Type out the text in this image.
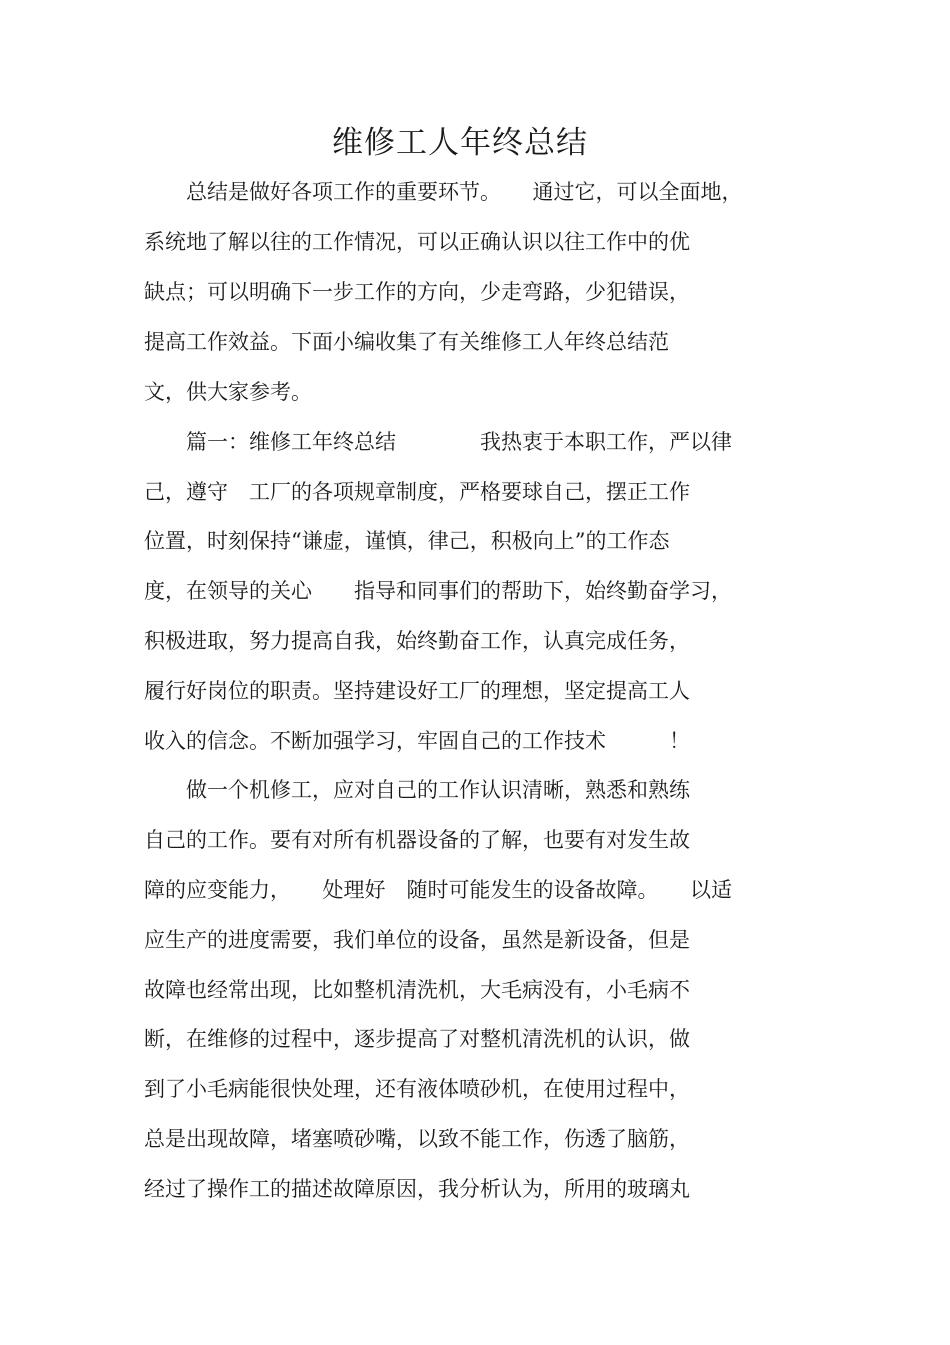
维修工人年终总结
　　总结是做好各项工作的重要环节。　　通过它，可以全面地，
系统地了解以往的工作情况，可以正确认识以往工作中的优
缺点；可以明确下一步工作的方向，少走弯路，少犯错误，
提高工作效益。下面小编收集了有关维修工人年终总结范
文，供大家参考。
　　篇一：维修工年终总结　　　　我热衷于本职工作，严以律
己，遵守　工厂的各项规章制度，严格要球自己，摆正工作
位置，时刻保持“谦虚，谨慎，律己，积极向上”的工作态
度，在领导的关心　　指导和同事们的帮助下，始终勤奋学习，
积极进取，努力提高自我，始终勤奋工作，认真完成任务，
履行好岗位的职责。坚持建设好工厂的理想，坚定提高工人
收入的信念。不断加强学习，牢固自己的工作技术　　　！
　　做一个机修工，应对自己的工作认识清晰，熟悉和熟练
自己的工作。要有对所有机器设备的了解，也要有对发生故
障的应变能力，　　处理好　随时可能发生的设备故障。　　以适
应生产的进度需要，我们单位的设备，虽然是新设备，但是
故障也经常出现，比如整机清洗机，大毛病没有，小毛病不
断，在维修的过程中，逐步提高了对整机清洗机的认识，做
到了小毛病能很快处理，还有液体喷砂机，在使用过程中，
总是出现故障，堵塞喷砂嘴，以致不能工作，伤透了脑筋，
经过了操作工的描述故障原因，我分析认为，所用的玻璃丸
